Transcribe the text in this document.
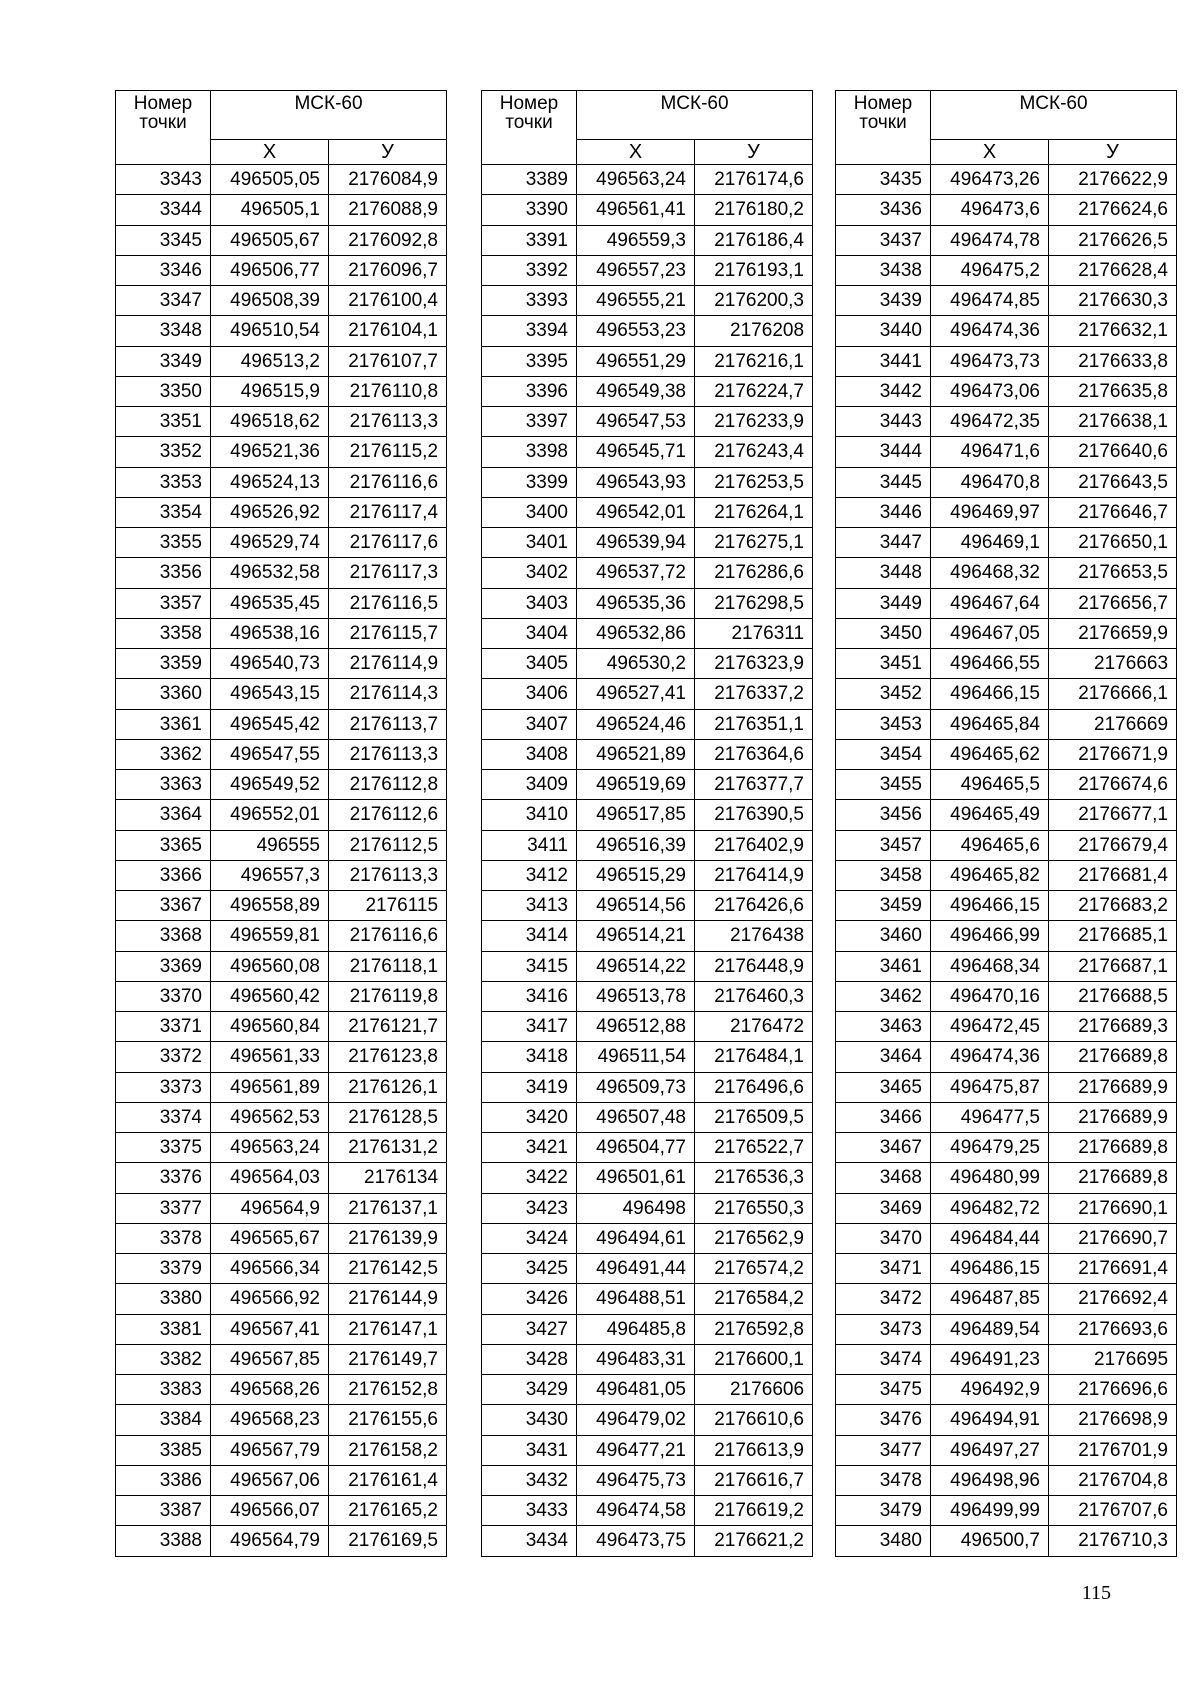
Номер
точки	МСК-60	
	Х	У
3343	496505,05	2176084,9
3344	496505,1	2176088,9
3345	496505,67	2176092,8
3346	496506,77	2176096,7
3347	496508,39	2176100,4
3348	496510,54	2176104,1
3349	496513,2	2176107,7
3350	496515,9	2176110,8
3351	496518,62	2176113,3
3352	496521,36	2176115,2
3353	496524,13	2176116,6
3354	496526,92	2176117,4
3355	496529,74	2176117,6
3356	496532,58	2176117,3
3357	496535,45	2176116,5
3358	496538,16	2176115,7
3359	496540,73	2176114,9
3360	496543,15	2176114,3
3361	496545,42	2176113,7
3362	496547,55	2176113,3
3363	496549,52	2176112,8
3364	496552,01	2176112,6
3365	496555	2176112,5
3366	496557,3	2176113,3
3367	496558,89	2176115
3368	496559,81	2176116,6
3369	496560,08	2176118,1
3370	496560,42	2176119,8
3371	496560,84	2176121,7
3372	496561,33	2176123,8
3373	496561,89	2176126,1
3374	496562,53	2176128,5
3375	496563,24	2176131,2
3376	496564,03	2176134
3377	496564,9	2176137,1
3378	496565,67	2176139,9
3379	496566,34	2176142,5
3380	496566,92	2176144,9
3381	496567,41	2176147,1
3382	496567,85	2176149,7
3383	496568,26	2176152,8
3384	496568,23	2176155,6
3385	496567,79	2176158,2
3386	496567,06	2176161,4
3387	496566,07	2176165,2
3388	496564,79	2176169,5
Номер
точки	МСК-60	
	Х	У
3389	496563,24	2176174,6
3390	496561,41	2176180,2
3391	496559,3	2176186,4
3392	496557,23	2176193,1
3393	496555,21	2176200,3
3394	496553,23	2176208
3395	496551,29	2176216,1
3396	496549,38	2176224,7
3397	496547,53	2176233,9
3398	496545,71	2176243,4
3399	496543,93	2176253,5
3400	496542,01	2176264,1
3401	496539,94	2176275,1
3402	496537,72	2176286,6
3403	496535,36	2176298,5
3404	496532,86	2176311
3405	496530,2	2176323,9
3406	496527,41	2176337,2
3407	496524,46	2176351,1
3408	496521,89	2176364,6
3409	496519,69	2176377,7
3410	496517,85	2176390,5
3411	496516,39	2176402,9
3412	496515,29	2176414,9
3413	496514,56	2176426,6
3414	496514,21	2176438
3415	496514,22	2176448,9
3416	496513,78	2176460,3
3417	496512,88	2176472
3418	496511,54	2176484,1
3419	496509,73	2176496,6
3420	496507,48	2176509,5
3421	496504,77	2176522,7
3422	496501,61	2176536,3
3423	496498	2176550,3
3424	496494,61	2176562,9
3425	496491,44	2176574,2
3426	496488,51	2176584,2
3427	496485,8	2176592,8
3428	496483,31	2176600,1
3429	496481,05	2176606
3430	496479,02	2176610,6
3431	496477,21	2176613,9
3432	496475,73	2176616,7
3433	496474,58	2176619,2
3434	496473,75	2176621,2
Номер
точки	МСК-60	
	Х	У
3435	496473,26	2176622,9
3436	496473,6	2176624,6
3437	496474,78	2176626,5
3438	496475,2	2176628,4
3439	496474,85	2176630,3
3440	496474,36	2176632,1
3441	496473,73	2176633,8
3442	496473,06	2176635,8
3443	496472,35	2176638,1
3444	496471,6	2176640,6
3445	496470,8	2176643,5
3446	496469,97	2176646,7
3447	496469,1	2176650,1
3448	496468,32	2176653,5
3449	496467,64	2176656,7
3450	496467,05	2176659,9
3451	496466,55	2176663
3452	496466,15	2176666,1
3453	496465,84	2176669
3454	496465,62	2176671,9
3455	496465,5	2176674,6
3456	496465,49	2176677,1
3457	496465,6	2176679,4
3458	496465,82	2176681,4
3459	496466,15	2176683,2
3460	496466,99	2176685,1
3461	496468,34	2176687,1
3462	496470,16	2176688,5
3463	496472,45	2176689,3
3464	496474,36	2176689,8
3465	496475,87	2176689,9
3466	496477,5	2176689,9
3467	496479,25	2176689,8
3468	496480,99	2176689,8
3469	496482,72	2176690,1
3470	496484,44	2176690,7
3471	496486,15	2176691,4
3472	496487,85	2176692,4
3473	496489,54	2176693,6
3474	496491,23	2176695
3475	496492,9	2176696,6
3476	496494,91	2176698,9
3477	496497,27	2176701,9
3478	496498,96	2176704,8
3479	496499,99	2176707,6
3480	496500,7	2176710,3
115
